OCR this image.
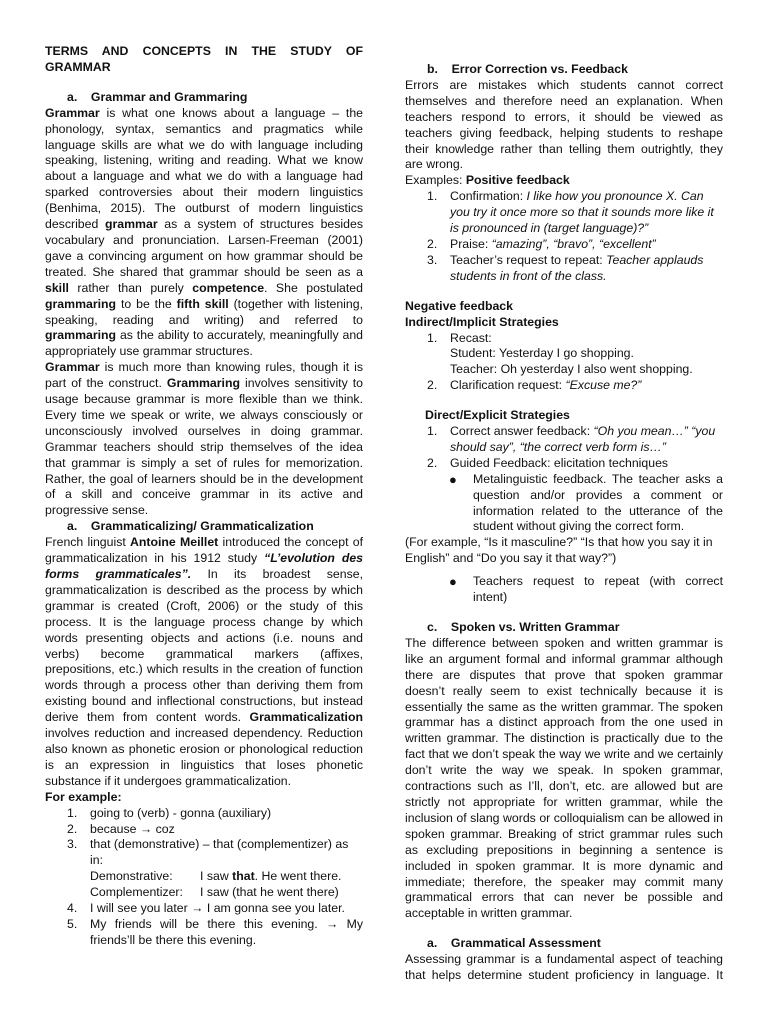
TERMS AND CONCEPTS IN THE STUDY OF
GRAMMAR
a.    Grammar and Grammaring

Grammar is what one knows about a language – the phonology, syntax, semantics and pragmatics while language skills are what we do with language including speaking, listening, writing and reading. What we know about a language and what we do with a language had sparked controversies about their modern linguistics (Benhima, 2015). The outburst of modern linguistics described grammar as a system of structures besides vocabulary and pronunciation. Larsen-Freeman (2001) gave a convincing argument on how grammar should be treated. She shared that grammar should be seen as a skill rather than purely competence. She postulated grammaring to be the fifth skill (together with listening, speaking, reading and writing) and referred to grammaring as the ability to accurately, meaningfully and appropriately use grammar structures.

Grammar is much more than knowing rules, though it is part of the construct. Grammaring involves sensitivity to usage because grammar is more flexible than we think. Every time we speak or write, we always consciously or unconsciously involved ourselves in doing grammar. Grammar teachers should strip themselves of the idea that grammar is simply a set of rules for memorization. Rather, the goal of learners should be in the development of a skill and conceive grammar in its active and progressive sense.

a.    Grammaticalizing/ Grammaticalization

French linguist Antoine Meillet introduced the concept of grammaticalization in his 1912 study “L’evolution des forms grammaticales”. In its broadest sense, grammaticalization is described as the process by which grammar is created (Croft, 2006) or the study of this process. It is the language process change by which words presenting objects and actions (i.e. nouns and verbs) become grammatical markers (affixes, prepositions, etc.) which results in the creation of function words through a process other than deriving them from existing bound and inflectional constructions, but instead derive them from content words. Grammaticalization involves reduction and increased dependency. Reduction also known as phonetic erosion or phonological reduction is an expression in linguistics that loses phonetic substance if it undergoes grammaticalization.

For example:
1. going to (verb) - gonna (auxiliary)
2. because → coz
3. that (demonstrative) – that (complementizer) as in:
Demonstrative:	I saw that. He went there.
Complementizer:	I saw (that he went there)
4. I will see you later → I am gonna see you later.
5. My friends will be there this evening. → My friends’ll be there this evening.
b.    Error Correction vs. Feedback

Errors are mistakes which students cannot correct themselves and therefore need an explanation. When teachers respond to errors, it should be viewed as teachers giving feedback, helping students to reshape their knowledge rather than telling them outrightly, they are wrong.

Examples: Positive feedback
1. Confirmation: I like how you pronounce X. Can you try it once more so that it sounds more like it is pronounced in (target language)?”
2. Praise: “amazing”, “bravo”, “excellent”
3. Teacher’s request to repeat: Teacher applauds students in front of the class.
Negative feedback
Indirect/Implicit Strategies
1. Recast:
Student: Yesterday I go shopping.
Teacher: Oh yesterday I also went shopping.
2. Clarification request: “Excuse me?”
Direct/Explicit Strategies
1. Correct answer feedback: “Oh you mean…” “you should say”, “the correct verb form is…”
2. Guided Feedback: elicitation techniques
● Metalinguistic feedback. The teacher asks a question and/or provides a comment or information related to the utterance of the student without giving the correct form.

(For example, “Is it masculine?” “Is that how you say it in English” and “Do you say it that way?”)

● Teachers request to repeat (with correct intent)
c.    Spoken vs. Written Grammar

The difference between spoken and written grammar is like an argument formal and informal grammar although there are disputes that prove that spoken grammar doesn’t really seem to exist technically because it is essentially the same as the written grammar. The spoken grammar has a distinct approach from the one used in written grammar. The distinction is practically due to the fact that we don’t speak the way we write and we certainly don’t write the way we speak. In spoken grammar, contractions such as I’ll, don’t, etc. are allowed but are strictly not appropriate for written grammar, while the inclusion of slang words or colloquialism can be allowed in spoken grammar. Breaking of strict grammar rules such as excluding prepositions in beginning a sentence is included in spoken grammar. It is more dynamic and immediate; therefore, the speaker may commit many grammatical errors that can never be possible and acceptable in written grammar.

a.    Grammatical Assessment

Assessing grammar is a fundamental aspect of teaching that helps determine student proficiency in language. It
